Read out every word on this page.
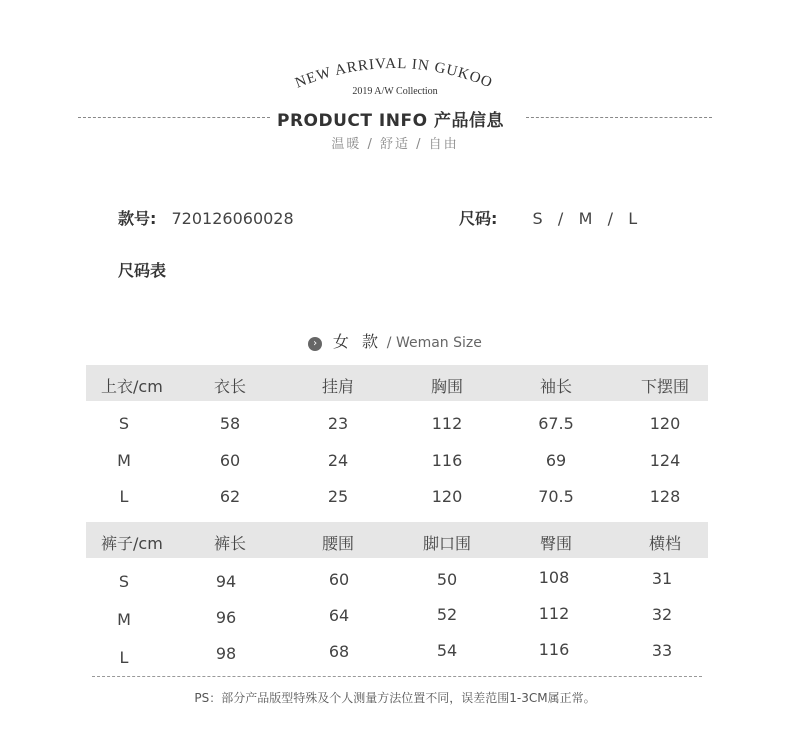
NEW ARRIVAL IN GUKOO
2019 A/W Collection
PRODUCT INFO 产品信息
温暖 / 舒适 / 自由
款号: 720126060028	尺码: S   /   M   /   L
尺码表
› 女 款 / Weman Size
上衣/cm	衣长	挂肩	胸围	袖长	下摆围
S	58	23	112	67.5	120
M	60	24	116	69	124
L	62	25	120	70.5	128
裤子/cm	裤长	腰围	脚口围	臀围	横档
S	94	60	50	108	31
M	96	64	52	112	32
L	98	68	54	116	33
PS：部分产品版型特殊及个人测量方法位置不同，误差范围1-3CM属正常。
